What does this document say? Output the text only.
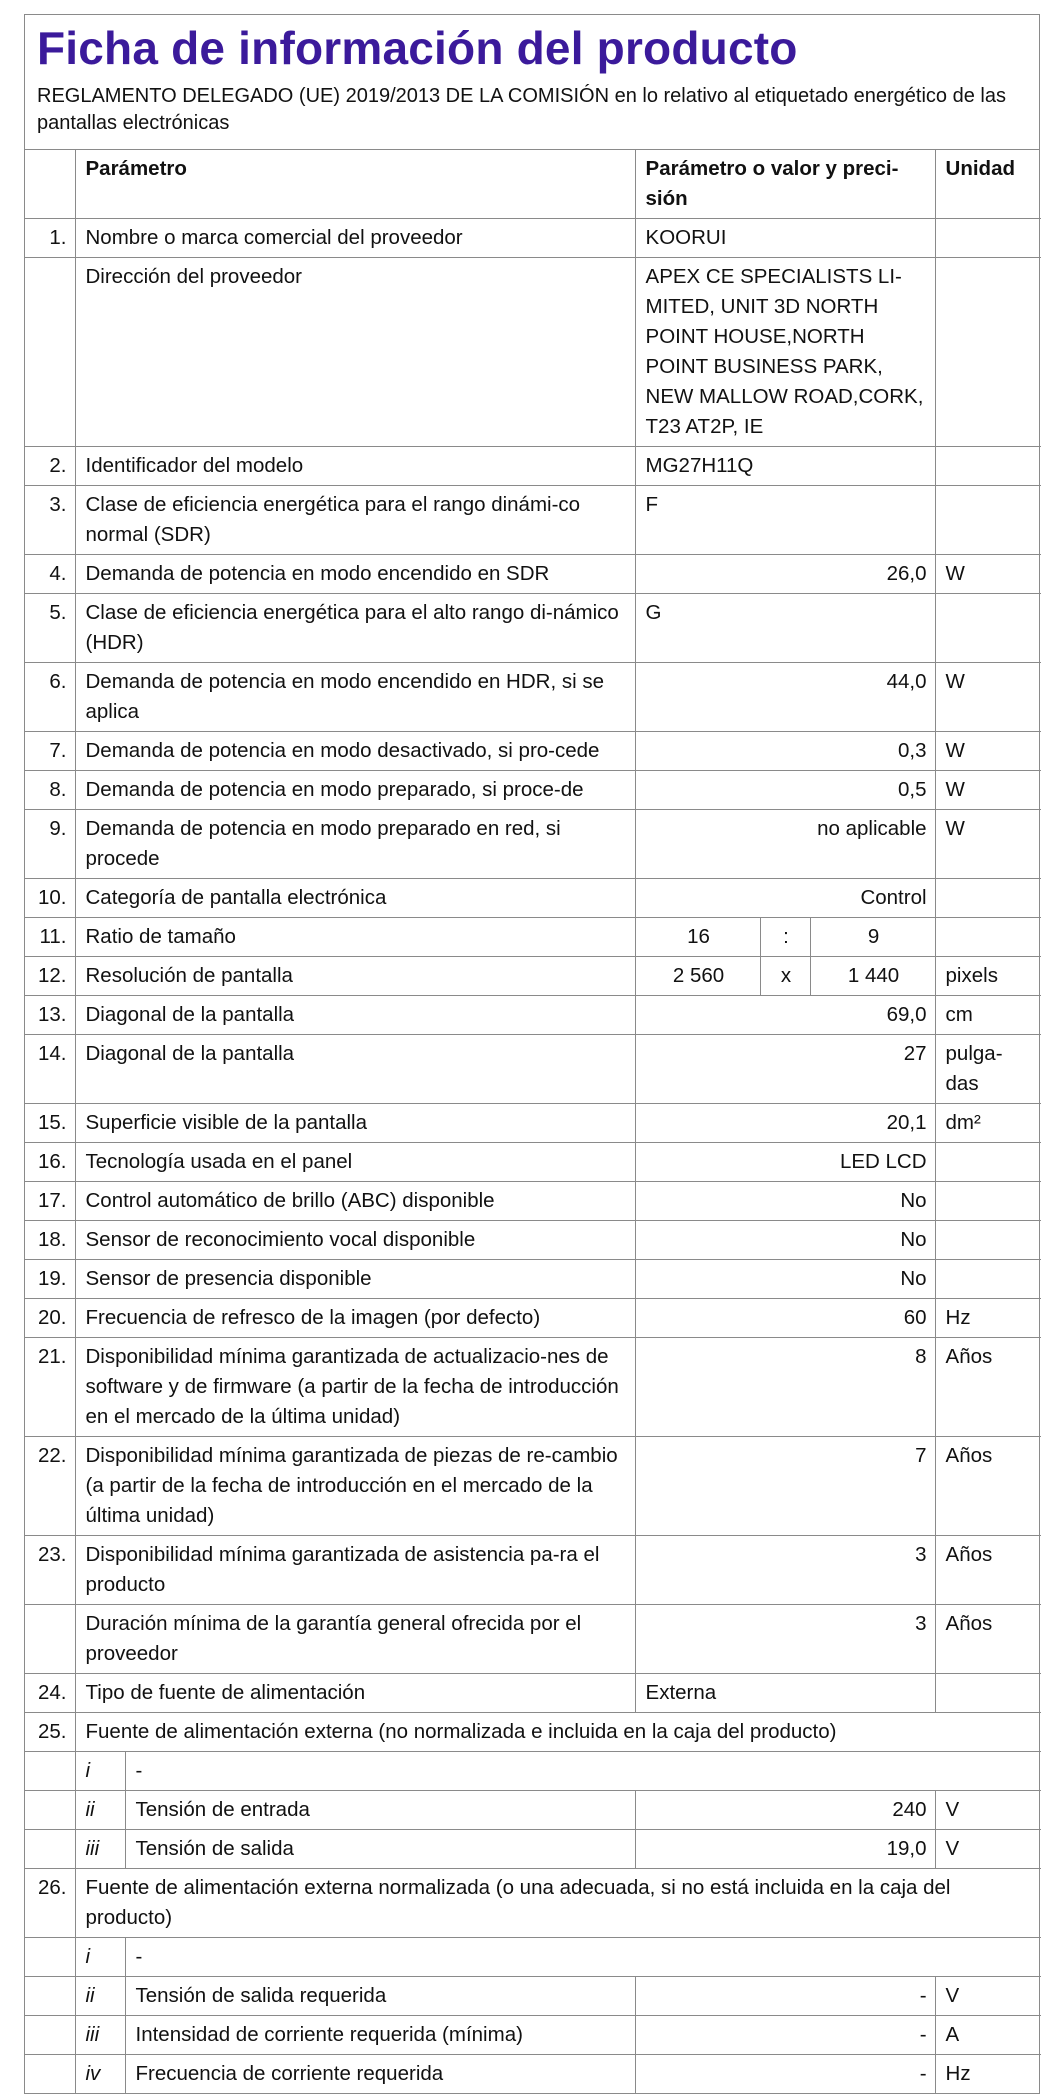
Ficha de información del producto
REGLAMENTO DELEGADO (UE) 2019/2013 DE LA COMISIÓN en lo relativo al etiquetado energético de las pantallas electrónicas
	Parámetro		Parámetro o valor y preci-sión			Unidad
1.	Nombre o marca comercial del proveedor		KOORUI			
	Dirección del proveedor		APEX CE SPECIALISTS LI-MITED, UNIT 3D NORTH POINT HOUSE,NORTH POINT BUSINESS PARK, NEW MALLOW ROAD,CORK, T23 AT2P, IE			
2.	Identificador del modelo		MG27H11Q			
3.	Clase de eficiencia energética para el rango dinámi-co normal (SDR)		F			
4.	Demanda de potencia en modo encendido en SDR		26,0			W
5.	Clase de eficiencia energética para el alto rango di-námico (HDR)		G			
6.	Demanda de potencia en modo encendido en HDR, si se aplica		44,0			W
7.	Demanda de potencia en modo desactivado, si pro-cede		0,3			W
8.	Demanda de potencia en modo preparado, si proce-de		0,5			W
9.	Demanda de potencia en modo preparado en red, si procede		no aplicable			W
10.	Categoría de pantalla electrónica		Control			
11.	Ratio de tamaño		16	:	9	
12.	Resolución de pantalla		2 560	x	1 440	pixels
13.	Diagonal de la pantalla		69,0			cm
14.	Diagonal de la pantalla		27			pulga-das
15.	Superficie visible de la pantalla		20,1			dm²
16.	Tecnología usada en el panel		LED LCD			
17.	Control automático de brillo (ABC) disponible		No			
18.	Sensor de reconocimiento vocal disponible		No			
19.	Sensor de presencia disponible		No			
20.	Frecuencia de refresco de la imagen (por defecto)		60			Hz
21.	Disponibilidad mínima garantizada de actualizacio-nes de software y de firmware (a partir de la fecha de introducción en el mercado de la última unidad)		8			Años
22.	Disponibilidad mínima garantizada de piezas de re-cambio (a partir de la fecha de introducción en el mercado de la última unidad)		7			Años
23.	Disponibilidad mínima garantizada de asistencia pa-ra el producto		3			Años
	Duración mínima de la garantía general ofrecida por el proveedor		3			Años
24.	Tipo de fuente de alimentación		Externa			
25.	Fuente de alimentación externa (no normalizada e incluida en la caja del producto)					
	i	-				
	ii	Tensión de entrada	240			V
	iii	Tensión de salida	19,0			V
26.	Fuente de alimentación externa normalizada (o una adecuada, si no está incluida en la caja del producto)					
	i	-				
	ii	Tensión de salida requerida	-			V
	iii	Intensidad de corriente requerida (mínima)	-			A
	iv	Frecuencia de corriente requerida	-			Hz
